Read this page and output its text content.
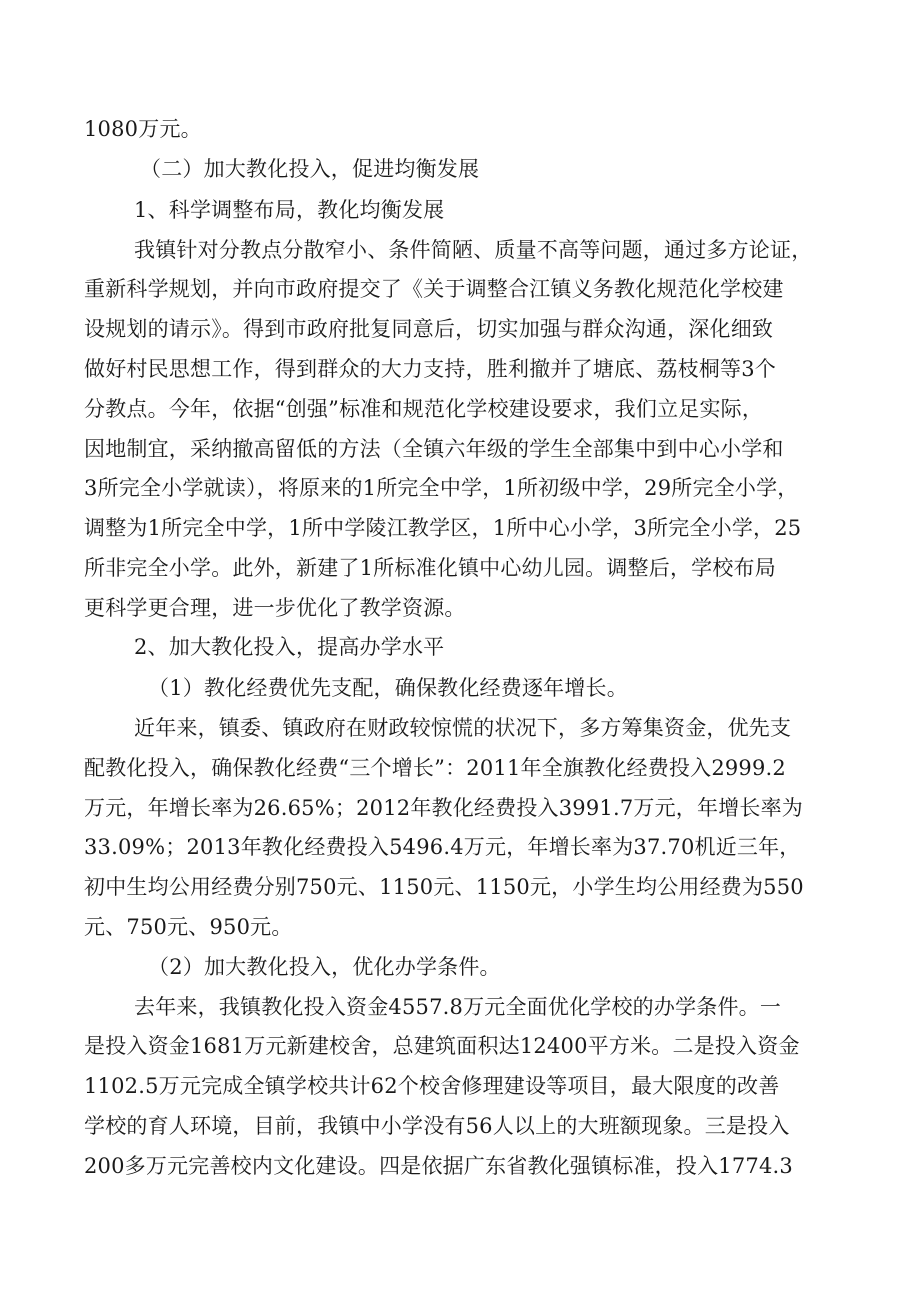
1080万元。
（二）加大教化投入，促进均衡发展
1、科学调整布局，教化均衡发展
我镇针对分教点分散窄小、条件简陋、质量不高等问题，通过多方论证，
重新科学规划，并向市政府提交了《关于调整合江镇义务教化规范化学校建
设规划的请示》。得到市政府批复同意后，切实加强与群众沟通，深化细致
做好村民思想工作，得到群众的大力支持，胜利撤并了塘底、荔枝桐等3个
分教点。今年，依据“创强”标准和规范化学校建设要求，我们立足实际，
因地制宜，采纳撤高留低的方法（全镇六年级的学生全部集中到中心小学和
3所完全小学就读），将原来的1所完全中学，1所初级中学，29所完全小学，
调整为1所完全中学，1所中学陵江教学区，1所中心小学，3所完全小学，25
所非完全小学。此外，新建了1所标准化镇中心幼儿园。调整后，学校布局
更科学更合理，进一步优化了教学资源。
2、加大教化投入，提高办学水平
（1）教化经费优先支配，确保教化经费逐年增长。
近年来，镇委、镇政府在财政较惊慌的状况下，多方筹集资金，优先支
配教化投入，确保教化经费“三个增长”：2011年全旗教化经费投入2999.2
万元，年增长率为26.65%；2012年教化经费投入3991.7万元，年增长率为
33.09%；2013年教化经费投入5496.4万元，年增长率为37.70机近三年，
初中生均公用经费分别750元、1150元、1150元，小学生均公用经费为550
元、750元、950元。
（2）加大教化投入，优化办学条件。
去年来，我镇教化投入资金4557.8万元全面优化学校的办学条件。一
是投入资金1681万元新建校舍，总建筑面积达12400平方米。二是投入资金
1102.5万元完成全镇学校共计62个校舍修理建设等项目，最大限度的改善
学校的育人环境，目前，我镇中小学没有56人以上的大班额现象。三是投入
200多万元完善校内文化建设。四是依据广东省教化强镇标准，投入1774.3
